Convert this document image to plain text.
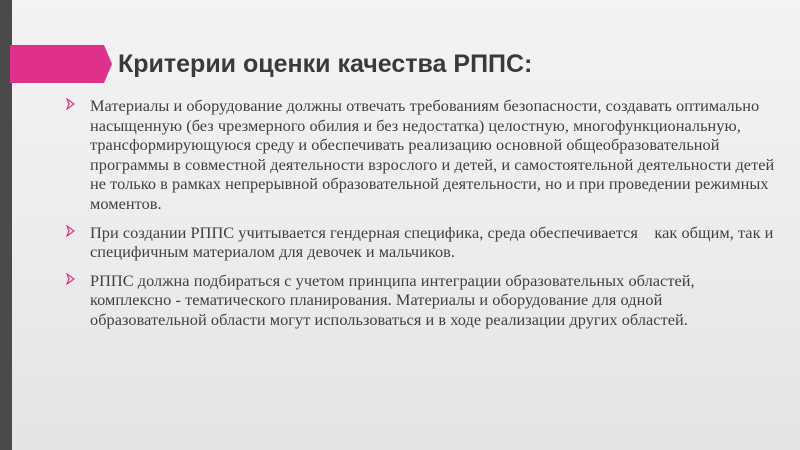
Критерии оценки качества РППС:
Материалы и оборудование должны отвечать требованиям безопасности, создавать оптимально насыщенную (без чрезмерного обилия и без недостатка) целостную, многофункциональную, трансформирующуюся среду и обеспечивать реализацию основной общеобразовательной программы в совместной деятельности взрослого и детей, и самостоятельной деятельности детей не только в рамках непрерывной образовательной деятельности, но и при проведении режимных моментов.
При создании РППС учитывается гендерная специфика, среда обеспечивается    как общим, так и специфичным материалом для девочек и мальчиков.
РППС должна подбираться с учетом принципа интеграции образовательных областей, комплексно - тематического планирования. Материалы и оборудование для одной образовательной области могут использоваться и в ходе реализации других областей.
